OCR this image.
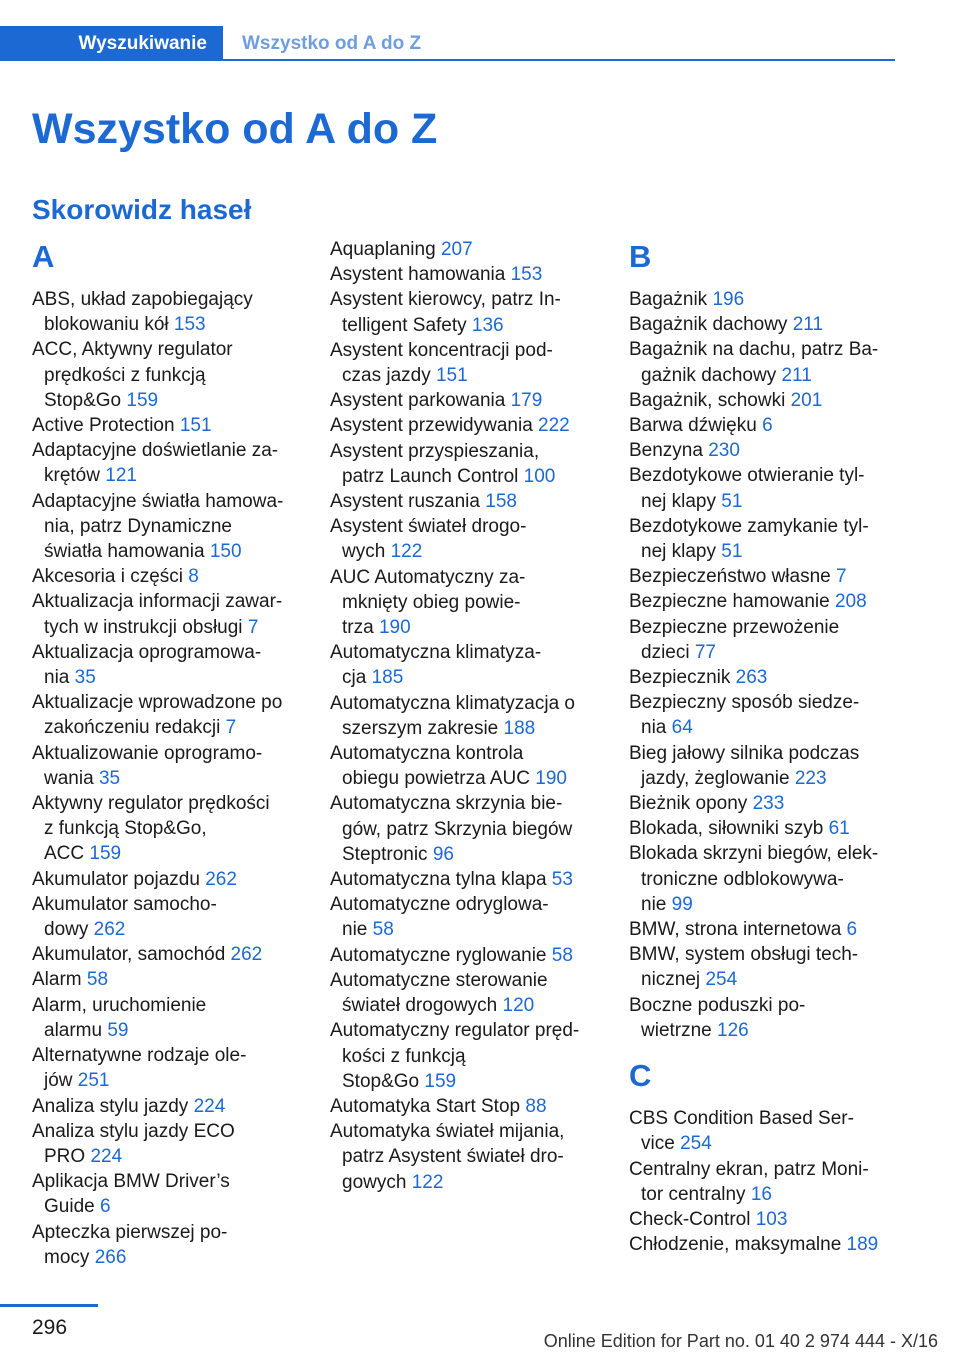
Wyszukiwanie	Wszystko od A do Z
Wszystko od A do Z
Skorowidz haseł
A
ABS, układ zapobiegający
blokowaniu kół 153
ACC, Aktywny regulator
prędkości z funkcją
Stop&Go 159
Active Protection 151
Adaptacyjne doświetlanie za-
krętów 121
Adaptacyjne światła hamowa-
nia, patrz Dynamiczne
światła hamowania 150
Akcesoria i części 8
Aktualizacja informacji zawar-
tych w instrukcji obsługi 7
Aktualizacja oprogramowa-
nia 35
Aktualizacje wprowadzone po
zakończeniu redakcji 7
Aktualizowanie oprogramo-
wania 35
Aktywny regulator prędkości
z funkcją Stop&Go,
ACC 159
Akumulator pojazdu 262
Akumulator samocho-
dowy 262
Akumulator, samochód 262
Alarm 58
Alarm, uruchomienie
alarmu 59
Alternatywne rodzaje ole-
jów 251
Analiza stylu jazdy 224
Analiza stylu jazdy ECO
PRO 224
Aplikacja BMW Driver’s
Guide 6
Apteczka pierwszej po-
mocy 266
Aquaplaning 207
Asystent hamowania 153
Asystent kierowcy, patrz In-
telligent Safety 136
Asystent koncentracji pod-
czas jazdy 151
Asystent parkowania 179
Asystent przewidywania 222
Asystent przyspieszania,
patrz Launch Control 100
Asystent ruszania 158
Asystent świateł drogo-
wych 122
AUC Automatyczny za-
mknięty obieg powie-
trza 190
Automatyczna klimatyza-
cja 185
Automatyczna klimatyzacja o
szerszym zakresie 188
Automatyczna kontrola
obiegu powietrza AUC 190
Automatyczna skrzynia bie-
gów, patrz Skrzynia biegów
Steptronic 96
Automatyczna tylna klapa 53
Automatyczne odryglowa-
nie 58
Automatyczne ryglowanie 58
Automatyczne sterowanie
świateł drogowych 120
Automatyczny regulator pręd-
kości z funkcją
Stop&Go 159
Automatyka Start Stop 88
Automatyka świateł mijania,
patrz Asystent świateł dro-
gowych 122
B
Bagażnik 196
Bagażnik dachowy 211
Bagażnik na dachu, patrz Ba-
gażnik dachowy 211
Bagażnik, schowki 201
Barwa dźwięku 6
Benzyna 230
Bezdotykowe otwieranie tyl-
nej klapy 51
Bezdotykowe zamykanie tyl-
nej klapy 51
Bezpieczeństwo własne 7
Bezpieczne hamowanie 208
Bezpieczne przewożenie
dzieci 77
Bezpiecznik 263
Bezpieczny sposób siedze-
nia 64
Bieg jałowy silnika podczas
jazdy, żeglowanie 223
Bieżnik opony 233
Blokada, siłowniki szyb 61
Blokada skrzyni biegów, elek-
troniczne odblokowywa-
nie 99
BMW, strona internetowa 6
BMW, system obsługi tech-
nicznej 254
Boczne poduszki po-
wietrzne 126
C
CBS Condition Based Ser-
vice 254
Centralny ekran, patrz Moni-
tor centralny 16
Check-Control 103
Chłodzenie, maksymalne 189
296
Online Edition for Part no. 01 40 2 974 444 - X/16
